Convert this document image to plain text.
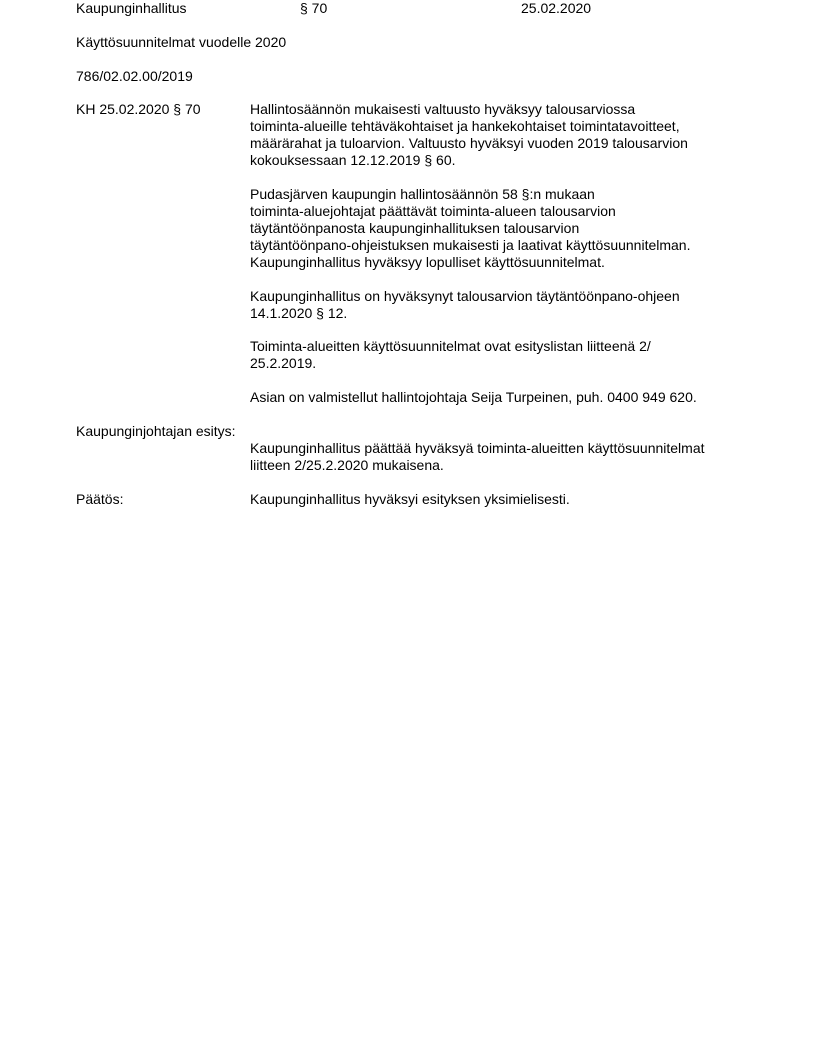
Kaupunginhallitus	§ 70	25.02.2020
Käyttösuunnitelmat vuodelle 2020
786/02.02.00/2019
KH 25.02.2020 § 70	Hallintosäännön mukaisesti valtuusto hyväksyy talousarviossa
toiminta-alueille tehtäväkohtaiset ja hankekohtaiset toimintatavoitteet,
määrärahat ja tuloarvion. Valtuusto hyväksyi vuoden 2019 talousarvion
kokouksessaan 12.12.2019 § 60.

Pudasjärven kaupungin hallintosäännön 58 §:n mukaan
toiminta-aluejohtajat päättävät toiminta-alueen talousarvion
täytäntöönpanosta kaupunginhallituksen talousarvion
täytäntöönpano-ohjeistuksen mukaisesti ja laativat käyttösuunnitelman.
Kaupunginhallitus hyväksyy lopulliset käyttösuunnitelmat.

Kaupunginhallitus on hyväksynyt talousarvion täytäntöönpano-ohjeen
14.1.2020 § 12.

Toiminta-alueitten käyttösuunnitelmat ovat esityslistan liitteenä 2/
25.2.2019.

Asian on valmistellut hallintojohtaja Seija Turpeinen, puh. 0400 949 620.

Kaupunginjohtajan esitys:

Kaupunginhallitus päättää hyväksyä toiminta-alueitten käyttösuunnitelmat
liitteen 2/25.2.2020 mukaisena.

Päätös:	Kaupunginhallitus hyväksyi esityksen yksimielisesti.
